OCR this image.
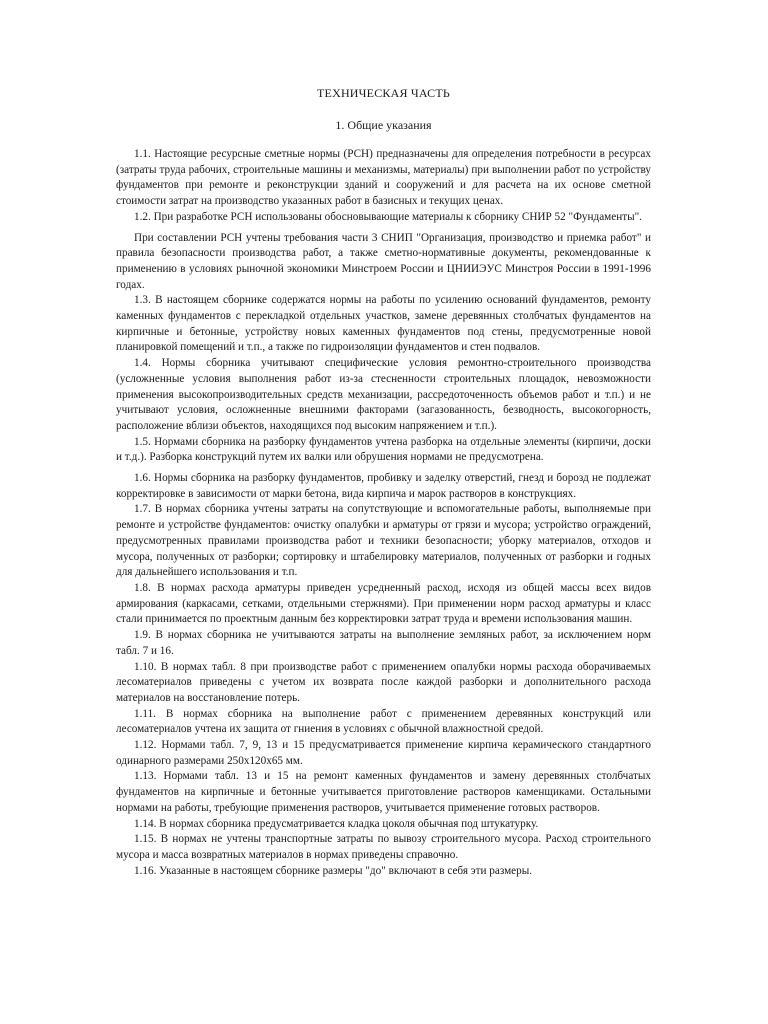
ТЕХНИЧЕСКАЯ ЧАСТЬ
1. Общие указания

1.1. Настоящие ресурсные сметные нормы (РСН) предназначены для определения потребности в ресурсах (затраты труда рабочих, строительные машины и механизмы, материалы) при выполнении работ по устройству фундаментов при ремонте и реконструкции зданий и сооружений и для расчета на их основе сметной стоимости затрат на производство указанных работ в базисных и текущих ценах.

1.2. При разработке РСН использованы обосновывающие материалы к сборнику СНИР 52 "Фундаменты".

При составлении РСН учтены требования части 3 СНИП "Организация, производство и приемка работ" и правила безопасности производства работ, а также сметно-нормативные документы, рекомендованные к применению в условиях рыночной экономики Минстроем России и ЦНИИЭУС Минстроя России в 1991-1996 годах.

1.3. В настоящем сборнике содержатся нормы на работы по усилению оснований фундаментов, ремонту каменных фундаментов с перекладкой отдельных участков, замене деревянных столбчатых фундаментов на кирпичные и бетонные, устройству новых каменных фундаментов под стены, предусмотренные новой планировкой помещений и т.п., а также по гидроизоляции фундаментов и стен подвалов.

1.4. Нормы сборника учитывают специфические условия ремонтно-строительного производства (усложненные условия выполнения работ из-за стесненности строительных площадок, невозможности применения высокопроизводительных средств механизации, рассредоточенность объемов работ и т.п.) и не учитывают условия, осложненные внешними факторами (загазованность, безводность, высокогорность, расположение вблизи объектов, находящихся под высоким напряжением и т.п.).

1.5. Нормами сборника на разборку фундаментов учтена разборка на отдельные элементы (кирпичи, доски и т.д.). Разборка конструкций путем их валки или обрушения нормами не предусмотрена.

1.6. Нормы сборника на разборку фундаментов, пробивку и заделку отверстий, гнезд и борозд не подлежат корректировке в зависимости от марки бетона, вида кирпича и марок растворов в конструкциях.

1.7. В нормах сборника учтены затраты на сопутствующие и вспомогательные работы, выполняемые при ремонте и устройстве фундаментов: очистку опалубки и арматуры от грязи и мусора; устройство ограждений, предусмотренных правилами производства работ и техники безопасности; уборку материалов, отходов и мусора, полученных от разборки; сортировку и штабелировку материалов, полученных от разборки и годных для дальнейшего использования и т.п.

1.8. В нормах расхода арматуры приведен усредненный расход, исходя из общей массы всех видов армирования (каркасами, сетками, отдельными стержнями). При применении норм расход арматуры и класс стали принимается по проектным данным без корректировки затрат труда и времени использования машин.

1.9. В нормах сборника не учитываются затраты на выполнение земляных работ, за исключением норм табл. 7 и 16.

1.10. В нормах табл. 8 при производстве работ с применением опалубки нормы расхода оборачиваемых лесоматериалов приведены с учетом их возврата после каждой разборки и дополнительного расхода материалов на восстановление потерь.

1.11. В нормах сборника на выполнение работ с применением деревянных конструкций или лесоматериалов учтена их защита от гниения в условиях с обычной влажностной средой.

1.12. Нормами табл. 7, 9, 13 и 15 предусматривается применение кирпича керамического стандартного одинарного размерами 250х120х65 мм.

1.13. Нормами табл. 13 и 15 на ремонт каменных фундаментов и замену деревянных столбчатых фундаментов на кирпичные и бетонные учитывается приготовление растворов каменщиками. Остальными нормами на работы, требующие применения растворов, учитывается применение готовых растворов.

1.14. В нормах сборника предусматривается кладка цоколя обычная под штукатурку.

1.15. В нормах не учтены транспортные затраты по вывозу строительного мусора. Расход строительного мусора и масса возвратных материалов в нормах приведены справочно.

1.16. Указанные в настоящем сборнике размеры "до" включают в себя эти размеры.
